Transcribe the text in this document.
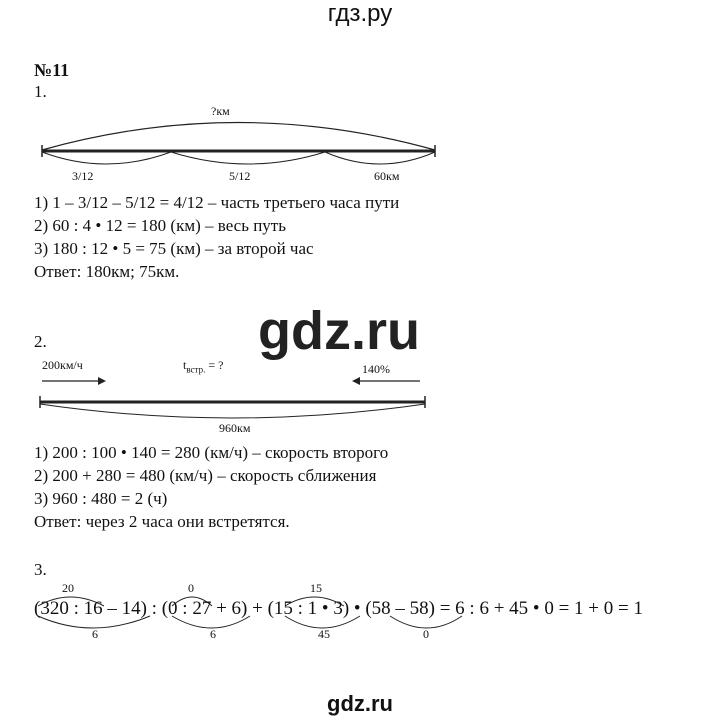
гдз.ру
№11
1.
?км
3/12	5/12	60км
1) 1 – 3/12 – 5/12 = 4/12 – часть третьего часа пути
2) 60 : 4 • 12 = 180 (км) – весь путь
3) 180 : 12 • 5 = 75 (км) – за второй час
Ответ: 180км; 75км.
gdz.ru
2.
200км/ч	$t_{встр.}$ = ?	140%
960км
1) 200 : 100 • 140 = 280 (км/ч) – скорость второго
2) 200 + 280 = 480 (км/ч) – скорость сближения
3) 960 : 480 = 2 (ч)
Ответ: через 2 часа они встретятся.
3.
20	0	15
(320 : 16 – 14) : (0 : 27 + 6) + (15 : 1 • 3) • (58 – 58) = 6 : 6 + 45 • 0 = 1 + 0 = 1
6	6	45	0
gdz.ru
